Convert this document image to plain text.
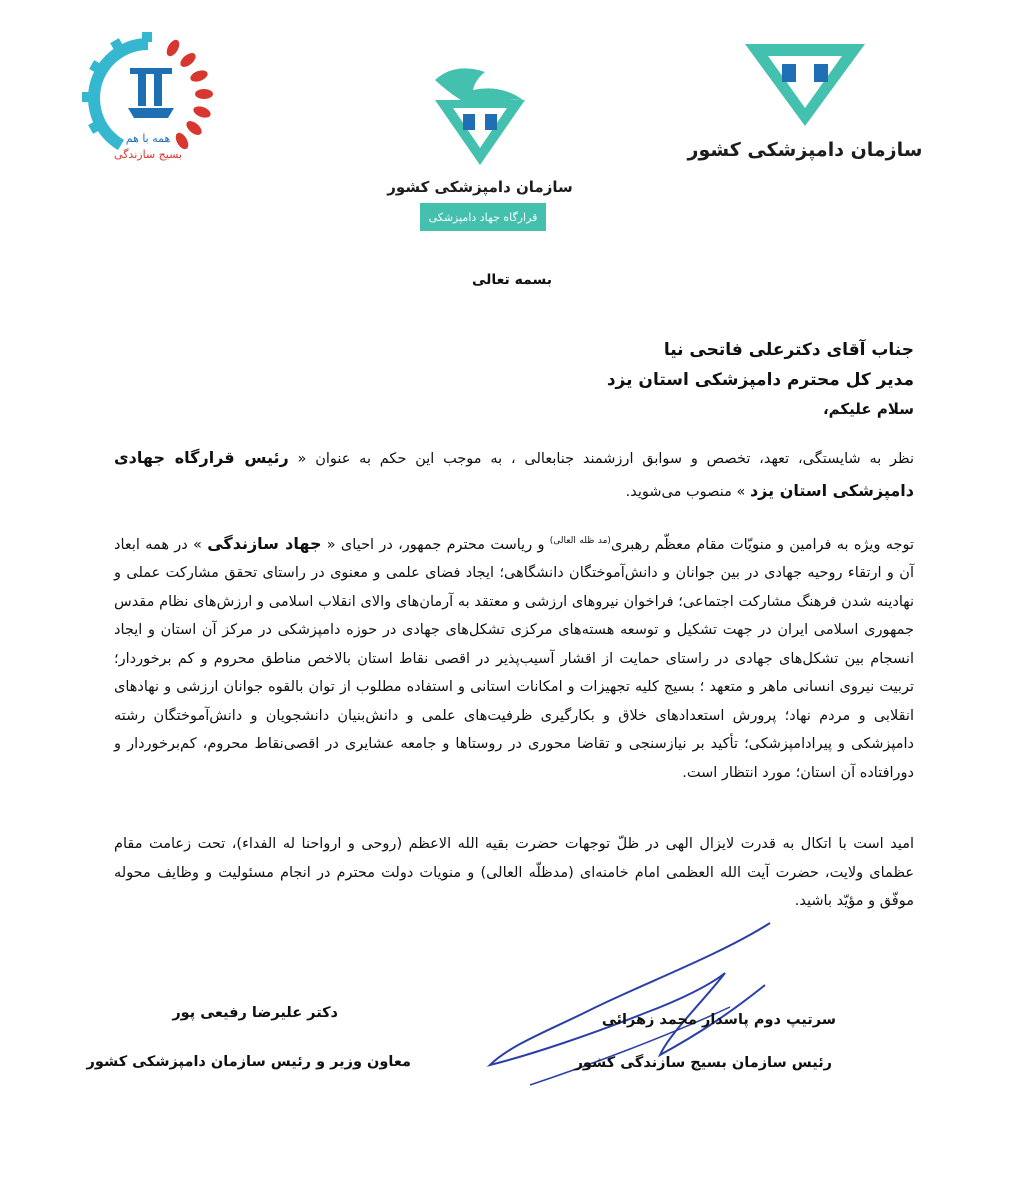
همه با هم
بسیج سازندگی
سازمان دامپزشکی کشور
قرارگاه جهاد دامپزشکی
سازمان دامپزشکی کشور
بسمه تعالی
جناب آقای دکترعلی فاتحی نیا
مدیر کل محترم دامپزشکی استان یزد
سلام علیکم،
نظر به شایستگی، تعهد، تخصص و سوابق ارزشمند جنابعالی ، به موجب این حکم به عنوان « رئیس قرارگاه جهادی دامپزشکی استان یزد » منصوب می‌شوید.
توجه ویژه به فرامین و منویّات مقام معظّم رهبری$^{(مد ظله العالی)}$ و ریاست محترم جمهور، در احیای « جهاد سازندگی » در همه ابعاد آن و ارتقاء روحیه جهادی در بین جوانان و دانش‌آموختگان دانشگاهی؛ ایجاد فضای علمی و معنوی در راستای تحقق مشارکت عملی و نهادینه شدن فرهنگ مشارکت اجتماعی؛ فراخوان نیروهای ارزشی و معتقد به آرمان‌های والای انقلاب اسلامی و ارزش‌های نظام مقدس جمهوری اسلامی ایران در جهت تشکیل و توسعه هسته‌های مرکزی تشکل‌های جهادی در حوزه دامپزشکی در مرکز آن استان و ایجاد انسجام بین تشکل‌های جهادی در راستای حمایت از اقشار آسیب‌پذیر در اقصی نقاط استان بالاخص مناطق محروم و کم برخوردار؛ تربیت نیروی انسانی ماهر و متعهد ؛ بسیج کلیه تجهیزات و امکانات استانی و استفاده مطلوب از توان بالقوه جوانان ارزشی و نهادهای انقلابی و مردم نهاد؛ پرورش استعدادهای خلاق و بکارگیری ظرفیت‌های علمی و دانش‌بنیان دانشجویان و دانش‌آموختگان رشته دامپزشکی و پیرادامپزشکی؛ تأکید بر نیازسنجی و تقاضا محوری در روستاها و جامعه عشایری در اقصی‌نقاط محروم، کم‌برخوردار و دورافتاده آن استان؛ مورد انتظار است.
امید است با اتکال به قدرت لایزال الهی در ظلّ توجهات حضرت بقیه الله الاعظم (روحی و ارواحنا له الفداء)، تحت زعامت مقام عظمای ولایت، حضرت آیت الله العظمی امام خامنه‌ای (مدظلّه العالی) و منویات دولت محترم در انجام مسئولیت و وظایف محوله موفّق و مؤیّد باشید.
سرتیپ دوم پاسدار محمد زهرائی
رئیس سازمان بسیج سازندگی کشور
دکتر علیرضا رفیعی پور
معاون وزیر و رئیس سازمان دامپزشکی کشور
